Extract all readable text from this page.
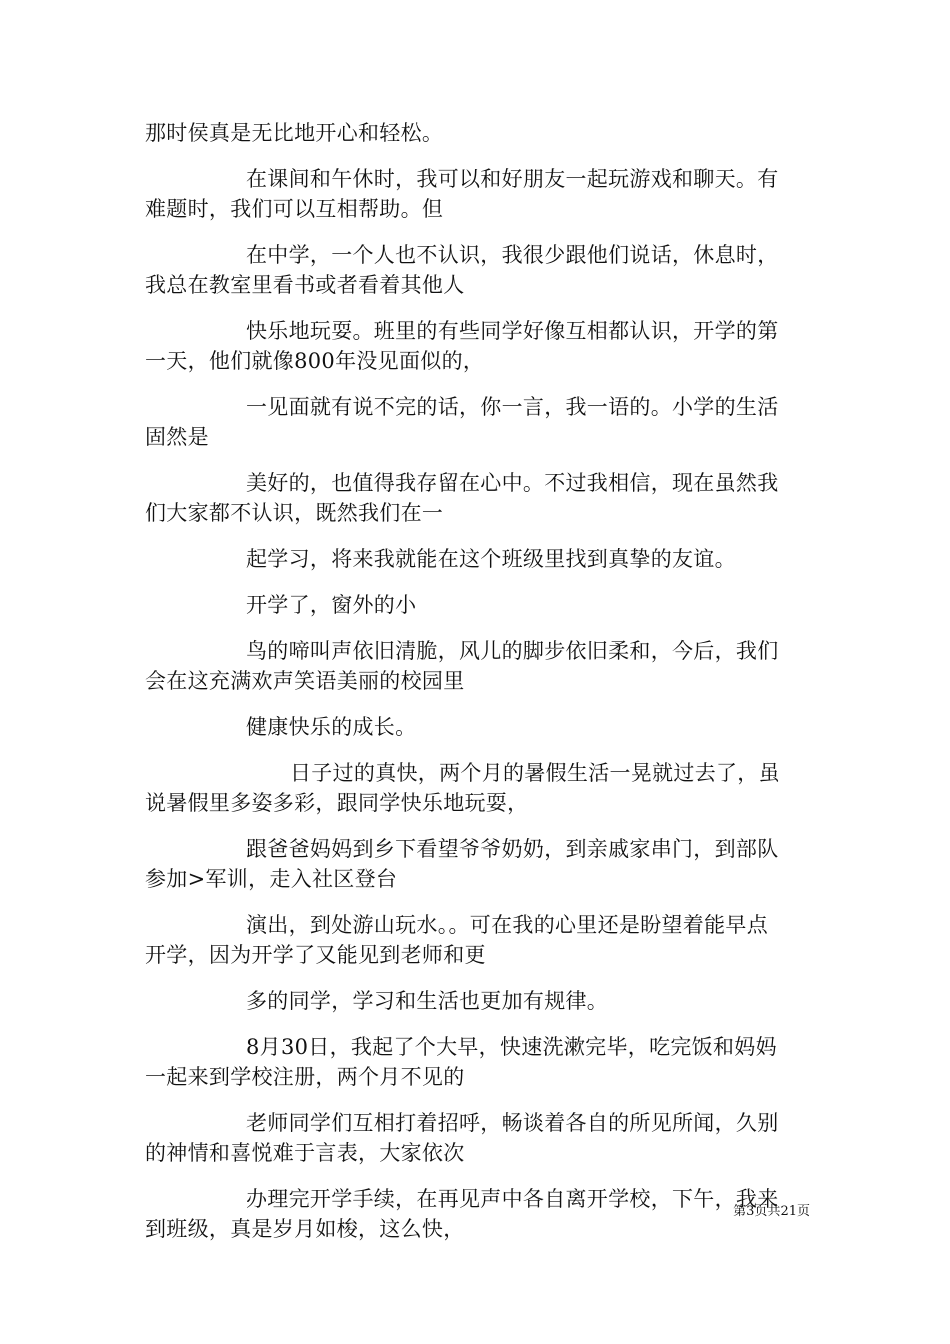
那时侯真是无比地开心和轻松。
在课间和午休时，我可以和好朋友一起玩游戏和聊天。有
难题时，我们可以互相帮助。但
在中学，一个人也不认识，我很少跟他们说话，休息时，
我总在教室里看书或者看着其他人
快乐地玩耍。班里的有些同学好像互相都认识，开学的第
一天，他们就像800年没见面似的，
一见面就有说不完的话，你一言，我一语的。小学的生活
固然是
美好的，也值得我存留在心中。不过我相信，现在虽然我
们大家都不认识，既然我们在一
起学习，将来我就能在这个班级里找到真挚的友谊。
开学了，窗外的小
鸟的啼叫声依旧清脆，风儿的脚步依旧柔和，今后，我们
会在这充满欢声笑语美丽的校园里
健康快乐的成长。
日子过的真快，两个月的暑假生活一晃就过去了，虽
说暑假里多姿多彩，跟同学快乐地玩耍，
跟爸爸妈妈到乡下看望爷爷奶奶，到亲戚家串门，到部队
参加>军训，走入社区登台
演出，到处游山玩水。。可在我的心里还是盼望着能早点
开学，因为开学了又能见到老师和更
多的同学，学习和生活也更加有规律。
8月30日，我起了个大早，快速洗漱完毕，吃完饭和妈妈
一起来到学校注册，两个月不见的
老师同学们互相打着招呼，畅谈着各自的所见所闻，久别
的神情和喜悦难于言表，大家依次
办理完开学手续，在再见声中各自离开学校，下午，我来
到班级，真是岁月如梭，这么快，
第3页共21页
